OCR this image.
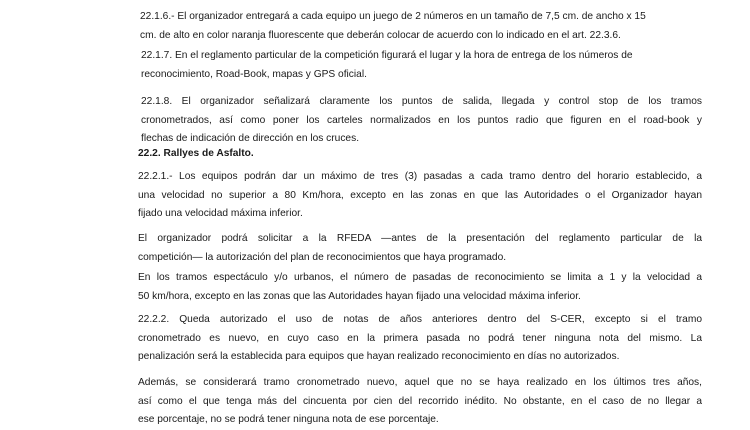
22.1.6.- El organizador entregará a cada equipo un juego de 2 números en un tamaño de 7,5 cm. de ancho x 15
cm. de alto en color naranja fluorescente que deberán colocar de acuerdo con lo indicado en el art. 22.3.6.
22.1.7. En el reglamento particular de la competición figurará el lugar y la hora de entrega de los números de
reconocimiento, Road-Book, mapas y GPS oficial.
22.1.8. El organizador señalizará claramente los puntos de salida, llegada y control stop de los tramos
cronometrados, así como poner los carteles normalizados en los puntos radio que figuren en el road-book y
flechas de indicación de dirección en los cruces.
22.2. Rallyes de Asfalto.
22.2.1.- Los equipos podrán dar un máximo de tres (3) pasadas a cada tramo dentro del horario establecido, a
una velocidad no superior a 80 Km/hora, excepto en las zonas en que las Autoridades o el Organizador hayan
fijado una velocidad máxima inferior.
El organizador podrá solicitar a la RFEDA —antes de la presentación del reglamento particular de la
competición— la autorización del plan de reconocimientos que haya programado.
En los tramos espectáculo y/o urbanos, el número de pasadas de reconocimiento se limita a 1 y la velocidad a
50 km/hora, excepto en las zonas que las Autoridades hayan fijado una velocidad máxima inferior.
22.2.2. Queda autorizado el uso de notas de años anteriores dentro del S-CER, excepto si el tramo
cronometrado es nuevo, en cuyo caso en la primera pasada no podrá tener ninguna nota del mismo. La
penalización será la establecida para equipos que hayan realizado reconocimiento en días no autorizados.
Además, se considerará tramo cronometrado nuevo, aquel que no se haya realizado en los últimos tres años,
así como el que tenga más del cincuenta por cien del recorrido inédito. No obstante, en el caso de no llegar a
ese porcentaje, no se podrá tener ninguna nota de ese porcentaje.
